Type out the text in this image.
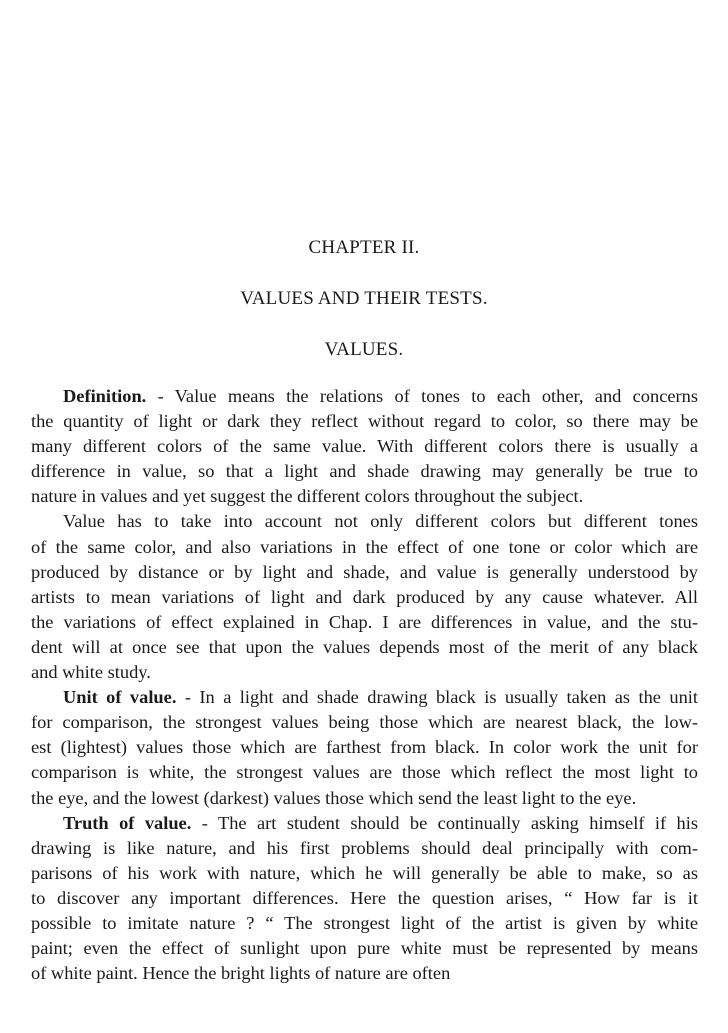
CHAPTER II.
VALUES AND THEIR TESTS.
VALUES.
Definition. - Value means the relations of tones to each other, and concerns
the quantity of light or dark they reflect without regard to color, so there may be
many different colors of the same value. With different colors there is usually a
difference in value, so that a light and shade drawing may generally be true to
nature in values and yet suggest the different colors throughout the subject.
Value has to take into account not only different colors but different tones
of the same color, and also variations in the effect of one tone or color which are
produced by distance or by light and shade, and value is generally understood by
artists to mean variations of light and dark produced by any cause whatever. All
the variations of effect explained in Chap. I are differences in value, and the stu-
dent will at once see that upon the values depends most of the merit of any black
and white study.
Unit of value. - In a light and shade drawing black is usually taken as the unit
for comparison, the strongest values being those which are nearest black, the low-
est (lightest) values those which are farthest from black. In color work the unit for
comparison is white, the strongest values are those which reflect the most light to
the eye, and the lowest (darkest) values those which send the least light to the eye.
Truth of value. - The art student should be continually asking himself if his
drawing is like nature, and his first problems should deal principally with com-
parisons of his work with nature, which he will generally be able to make, so as
to discover any important differences. Here the question arises, “ How far is it
possible to imitate nature ? “ The strongest light of the artist is given by white
paint; even the effect of sunlight upon pure white must be represented by means
of white paint. Hence the bright lights of nature are often
